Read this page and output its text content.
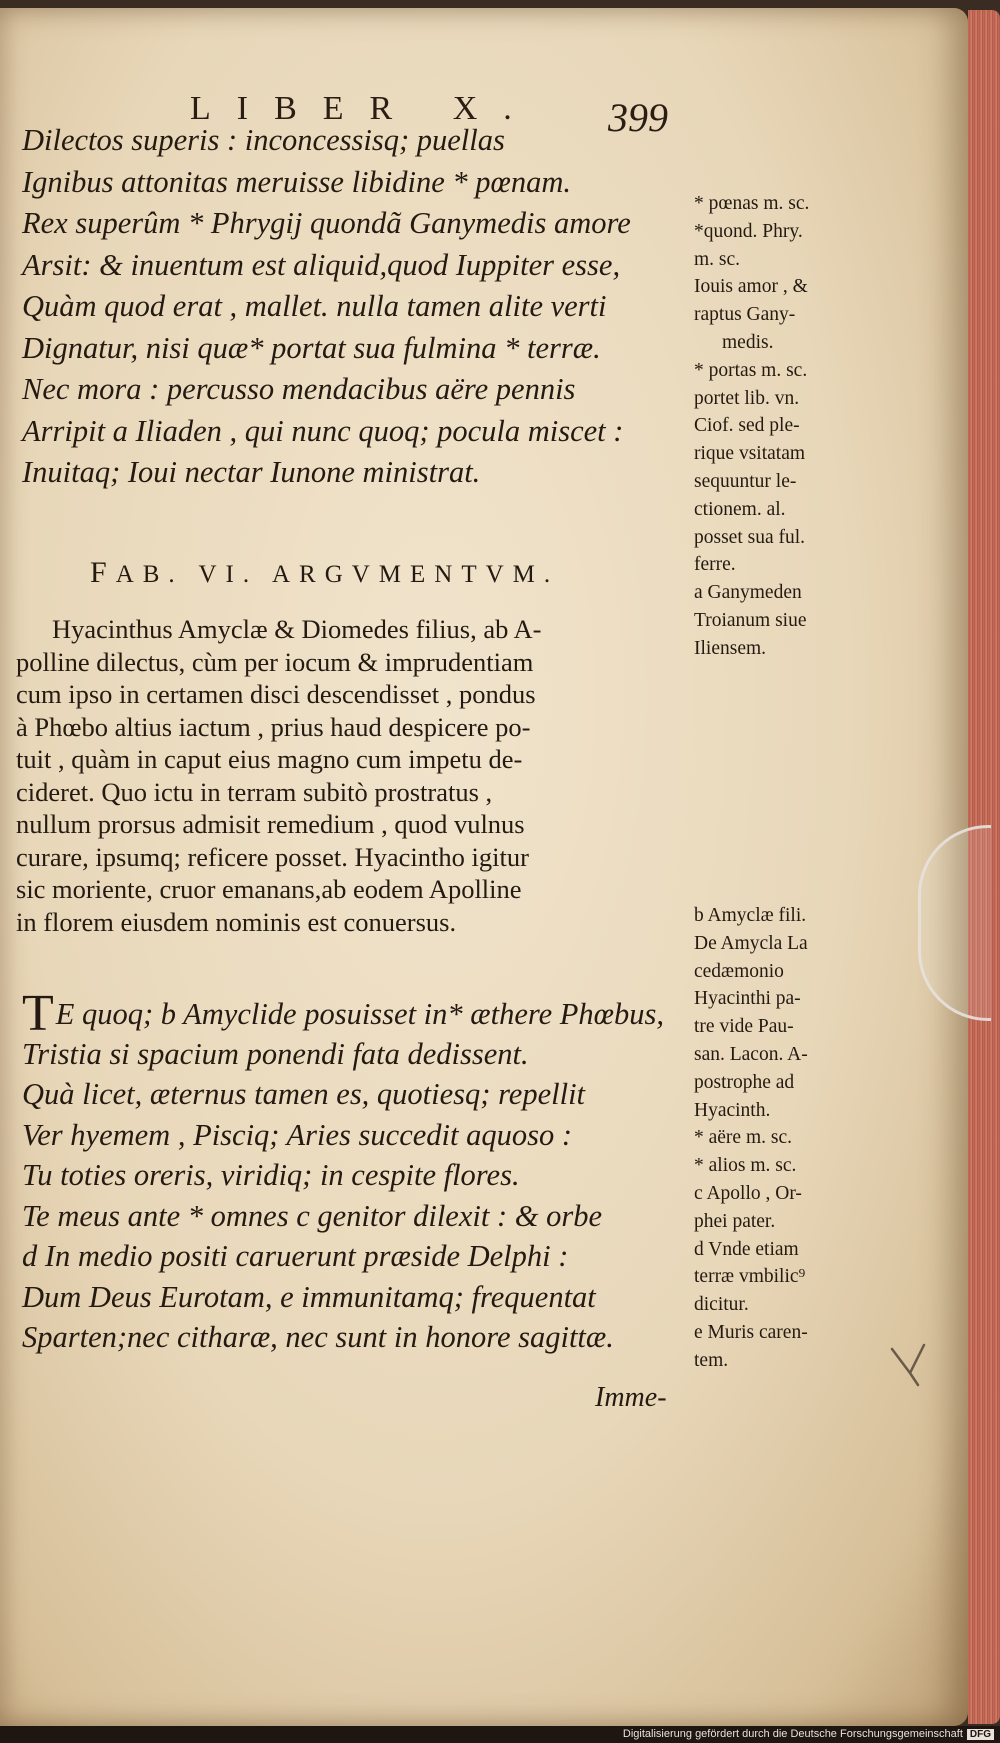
LIBER X.	399
Dilectos superis : inconcessisq; puellas
Ignibus attonitas meruisse libidine * pœnam.
Rex superûm * Phrygij quondã Ganymedis amore
Arsit: & inuentum est aliquid,quod Iuppiter esse,
Quàm quod erat , mallet. nulla tamen alite verti
Dignatur, nisi quæ* portat sua fulmina * terræ.
Nec mora : percusso mendacibus aëre pennis
Arripit a Iliaden , qui nunc quoq; pocula miscet :
Inuitaq; Ioui nectar Iunone ministrat.
FAB. VI. ARGVMENTVM.
Hyacinthus Amyclæ & Diomedes filius, ab A-
polline dilectus, cùm per iocum & imprudentiam
cum ipso in certamen disci descendisset , pondus
à Phœbo altius iactum , prius haud despicere po-
tuit , quàm in caput eius magno cum impetu de-
cideret. Quo ictu in terram subitò prostratus ,
nullum prorsus admisit remedium , quod vulnus
curare, ipsumq; reficere posset. Hyacintho igitur
sic moriente, cruor emanans,ab eodem Apolline
in florem eiusdem nominis est conuersus.
TE quoq; b Amyclide posuisset in* æthere Phœbus,
Tristia si spacium ponendi fata dedissent.
Quà licet, æternus tamen es, quotiesq; repellit
Ver hyemem , Pisciq; Aries succedit aquoso :
Tu toties oreris, viridiq; in cespite flores.
Te meus ante * omnes c genitor dilexit : & orbe
d In medio positi caruerunt præside Delphi :
Dum Deus Eurotam, e immunitamq; frequentat
Sparten;nec citharæ, nec sunt in honore sagittæ.
Imme-
* pœnas m. sc.
*quond. Phry.
m. sc.
Iouis amor , &
raptus Gany-
medis.
* portas m. sc.
portet lib. vn.
Ciof. sed ple-
rique vsitatam
sequuntur le-
ctionem. al.
posset sua ful.
ferre.
a Ganymeden
Troianum siue
Iliensem.
b Amyclæ fili.
De Amycla La
cedæmonio
Hyacinthi pa-
tre vide Pau-
san. Lacon. A-
postrophe ad
Hyacinth.
* aëre m. sc.
* alios m. sc.
c Apollo , Or-
phei pater.
d Vnde etiam
terræ vmbilic⁹
dicitur.
e Muris caren-
tem.
Digitalisierung gefördert durch die Deutsche Forschungsgemeinschaft DFG
